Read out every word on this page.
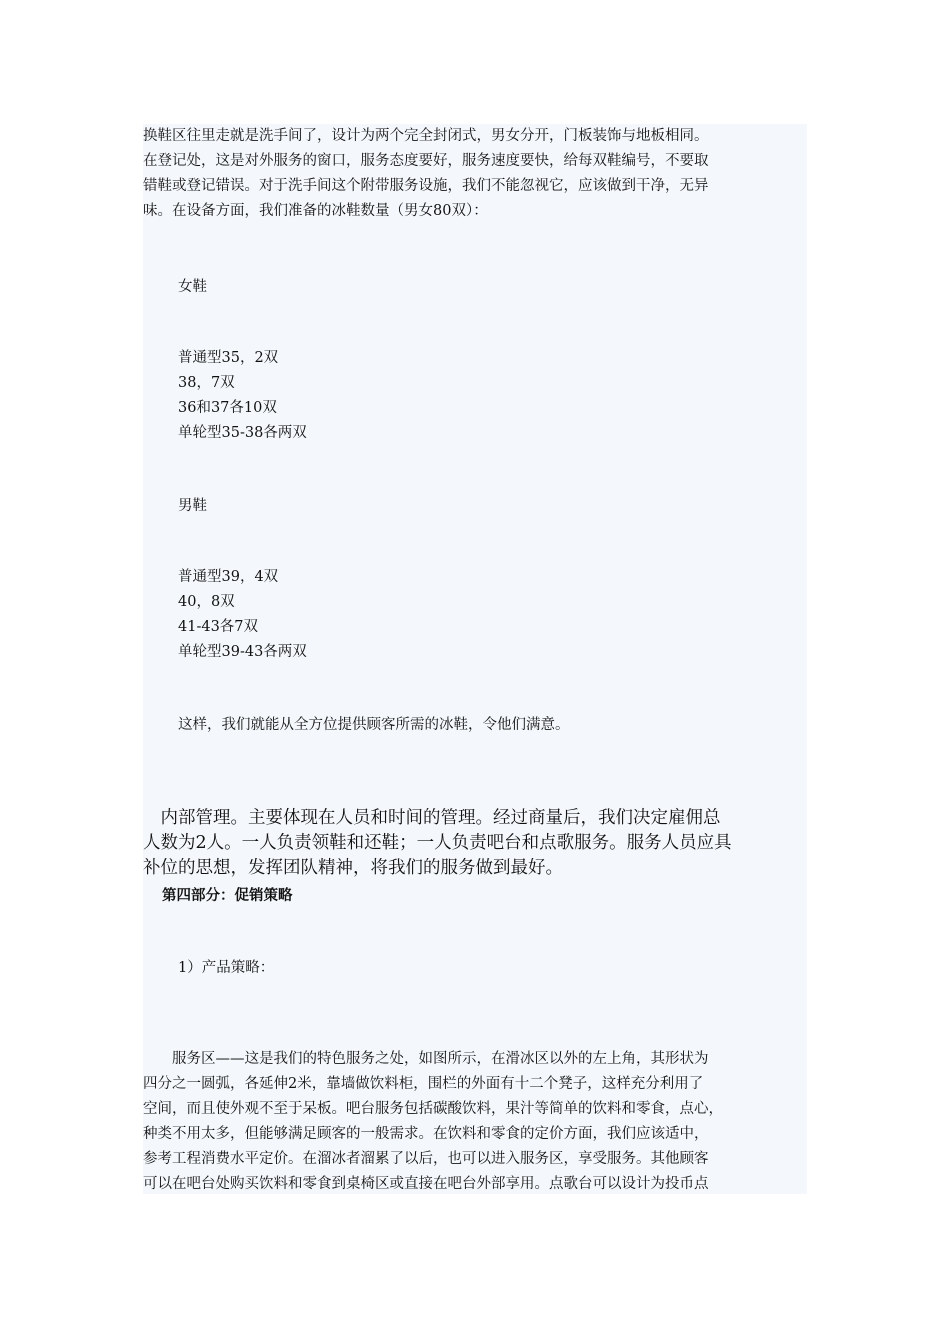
换鞋区往里走就是洗手间了，设计为两个完全封闭式，男女分开，门板装饰与地板相同。
在登记处，这是对外服务的窗口，服务态度要好，服务速度要快，给每双鞋编号，不要取
错鞋或登记错误。对于洗手间这个附带服务设施，我们不能忽视它，应该做到干净，无异
味。在设备方面，我们准备的冰鞋数量（男女80双）：
女鞋
普通型35，2双
38，7双
36和37各10双
单轮型35-38各两双
男鞋
普通型39，4双
40，8双
41-43各7双
单轮型39-43各两双
这样，我们就能从全方位提供顾客所需的冰鞋，令他们满意。
　内部管理。主要体现在人员和时间的管理。经过商量后，我们决定雇佣总
人数为2人。一人负责领鞋和还鞋；一人负责吧台和点歌服务。服务人员应具
补位的思想，发挥团队精神，将我们的服务做到最好。
第四部分：促销策略
1）产品策略：
　　服务区——这是我们的特色服务之处，如图所示，在滑冰区以外的左上角，其形状为
四分之一圆弧，各延伸2米，靠墙做饮料柜，围栏的外面有十二个凳子，这样充分利用了
空间，而且使外观不至于呆板。吧台服务包括碳酸饮料，果汁等简单的饮料和零食，点心，
种类不用太多，但能够满足顾客的一般需求。在饮料和零食的定价方面，我们应该适中，
参考工程消费水平定价。在溜冰者溜累了以后，也可以进入服务区，享受服务。其他顾客
可以在吧台处购买饮料和零食到桌椅区或直接在吧台外部享用。点歌台可以设计为投币点
